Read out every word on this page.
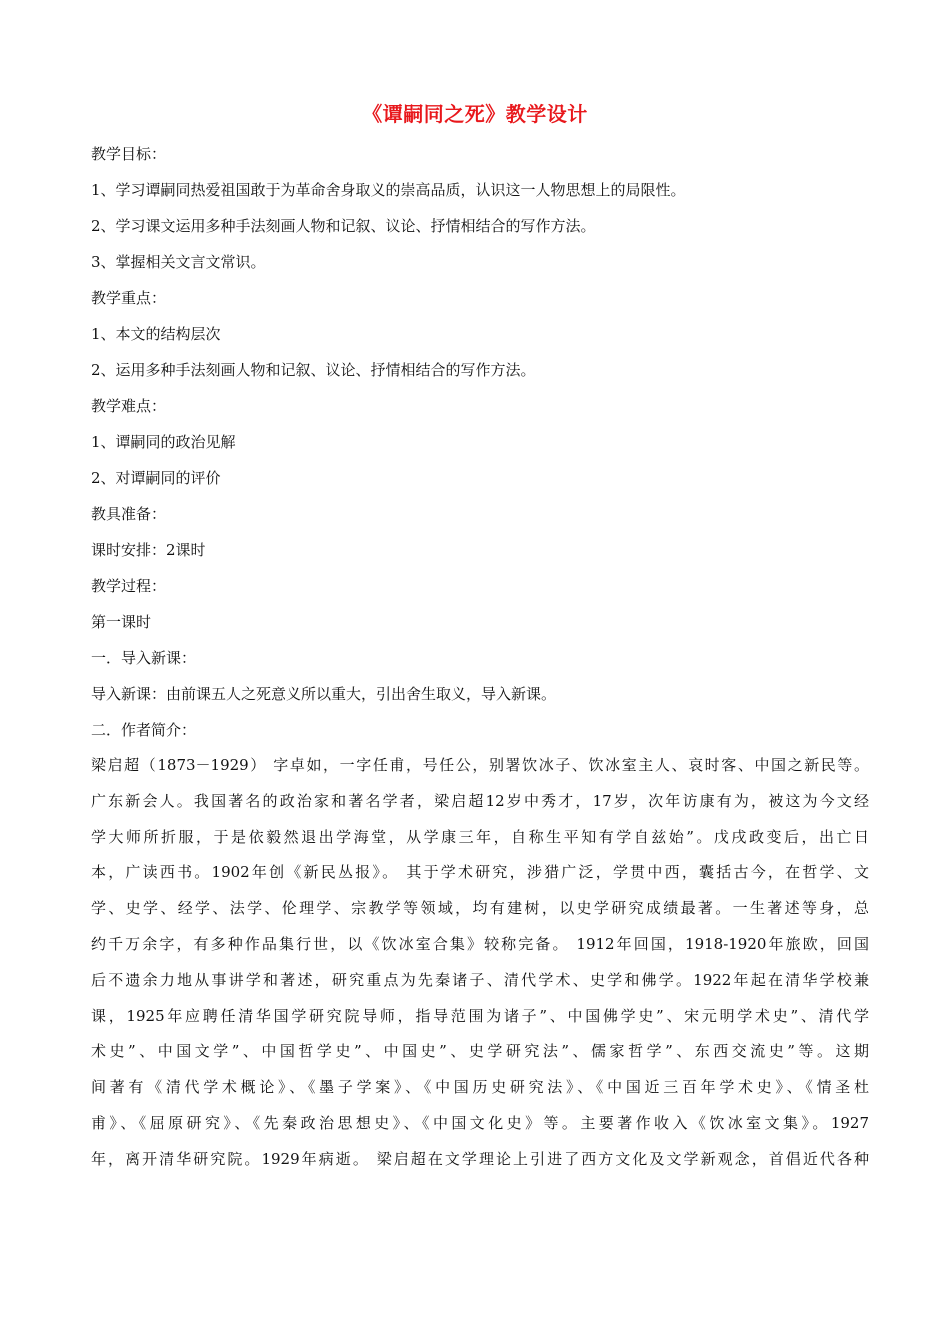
《谭嗣同之死》教学设计
教学目标：
1、学习谭嗣同热爱祖国敢于为革命舍身取义的崇高品质，认识这一人物思想上的局限性。
2、学习课文运用多种手法刻画人物和记叙、议论、抒情相结合的写作方法。
3、掌握相关文言文常识。
教学重点：
1、本文的结构层次
2、运用多种手法刻画人物和记叙、议论、抒情相结合的写作方法。
教学难点：
1、谭嗣同的政治见解
2、对谭嗣同的评价
教具准备：
课时安排：2课时
教学过程：
第一课时
一．导入新课：
导入新课：由前课五人之死意义所以重大，引出舍生取义，导入新课。
二．作者简介：
梁启超（1873－1929） 字卓如，一字任甫，号任公，别署饮冰子、饮冰室主人、哀时客、中国之新民等。
广东新会人。我国著名的政治家和著名学者，梁启超12岁中秀才，17岁，次年访康有为，被这为今文经
学大师所折服，于是依毅然退出学海堂，从学康三年，自称生平知有学自兹始”。戊戌政变后，出亡日
本，广读西书。1902年创《新民丛报》。 其于学术研究，涉猎广泛，学贯中西，囊括古今，在哲学、文
学、史学、经学、法学、伦理学、宗教学等领域，均有建树，以史学研究成绩最著。一生著述等身，总
约千万余字，有多种作品集行世，以《饮冰室合集》较称完备。 1912年回国，1918-1920年旅欧，回国
后不遗余力地从事讲学和著述，研究重点为先秦诸子、清代学术、史学和佛学。1922年起在清华学校兼
课，1925年应聘任清华国学研究院导师，指导范围为诸子”、中国佛学史”、宋元明学术史”、清代学
术史”、中国文学”、中国哲学史”、中国史”、史学研究法”、儒家哲学”、东西交流史”等。这期
间著有《清代学术概论》、《墨子学案》、《中国历史研究法》、《中国近三百年学术史》、《情圣杜
甫》、《屈原研究》、《先秦政治思想史》、《中国文化史》等。主要著作收入《饮冰室文集》。1927
年，离开清华研究院。1929年病逝。 梁启超在文学理论上引进了西方文化及文学新观念，首倡近代各种
